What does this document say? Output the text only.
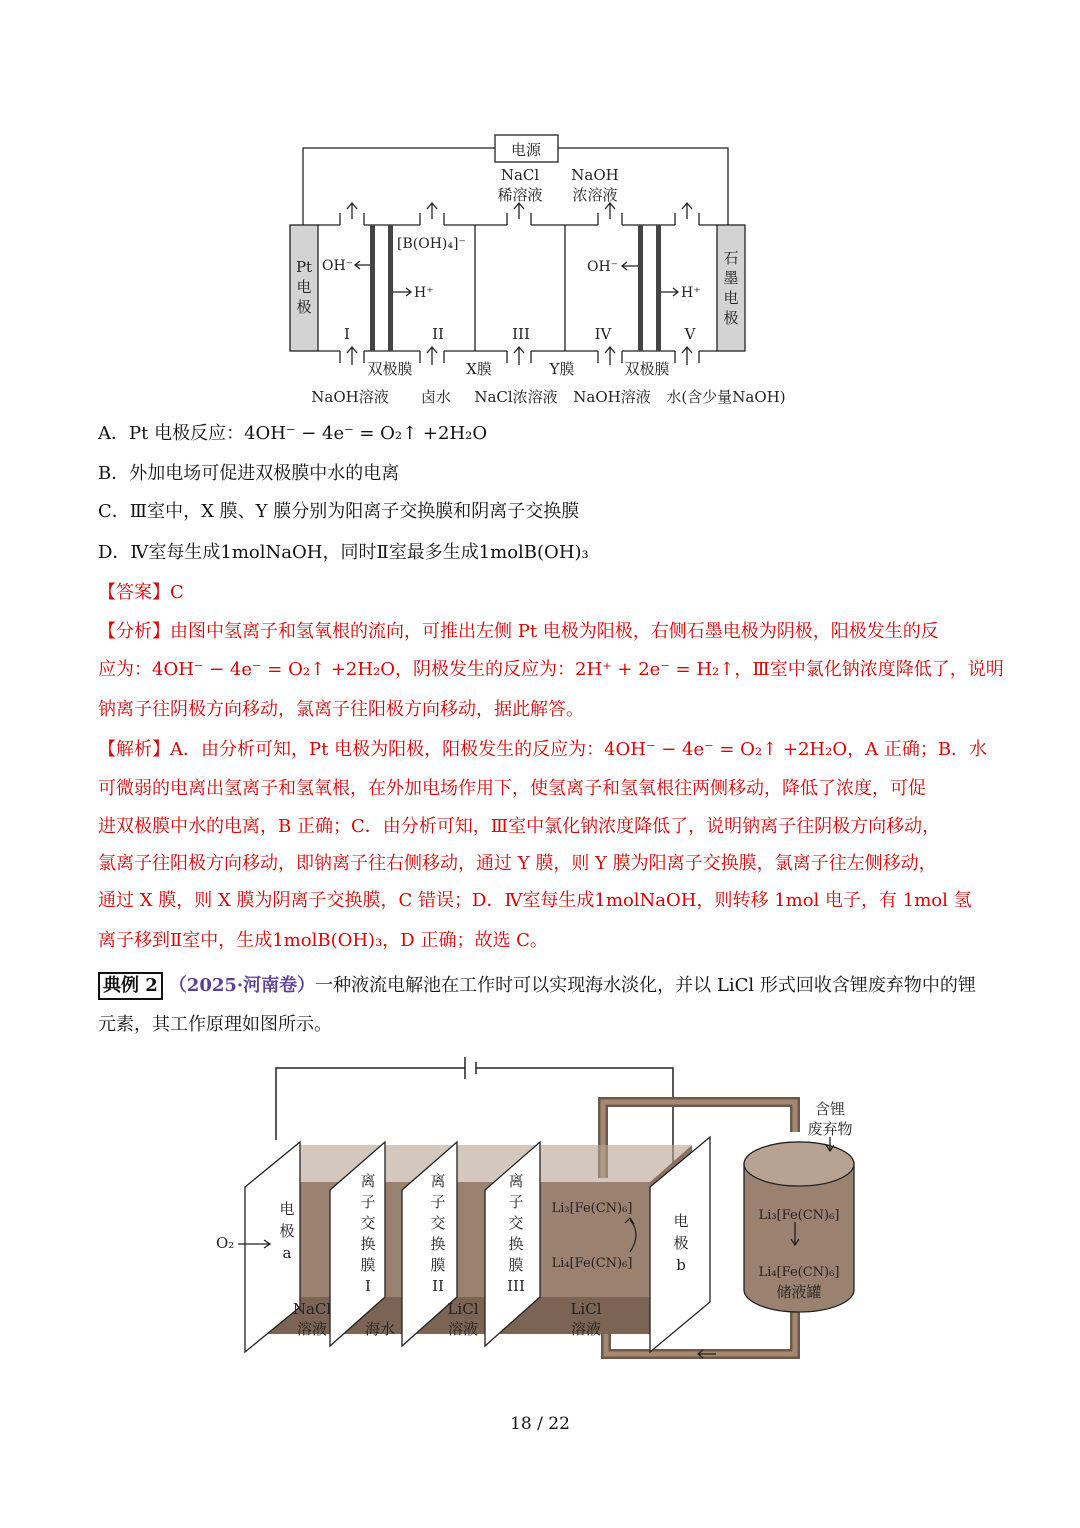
电源
NaCl
稀溶液
NaOH
浓溶液
Pt
电
极
石
墨
电
极
OH⁻
H⁺
[B(OH)₄]⁻
OH⁻
H⁺
I	II	III	IV	V
双极膜	X膜	Y膜	双极膜
NaOH溶液 卤水 NaCl浓溶液 NaOH溶液 水(含少量NaOH)
A．Pt 电极反应：4OH⁻ − 4e⁻ = O₂↑ +2H₂O
B．外加电场可促进双极膜中水的电离
C．Ⅲ室中，X 膜、Y 膜分别为阳离子交换膜和阴离子交换膜
D．Ⅳ室每生成1molNaOH，同时Ⅱ室最多生成1molB(OH)₃
【答案】C
【分析】由图中氢离子和氢氧根的流向，可推出左侧 Pt 电极为阳极，右侧石墨电极为阴极，阳极发生的反
应为：4OH⁻ − 4e⁻ = O₂↑ +2H₂O，阴极发生的反应为：2H⁺ + 2e⁻ = H₂↑，Ⅲ室中氯化钠浓度降低了，说明
钠离子往阴极方向移动，氯离子往阳极方向移动，据此解答。
【解析】A．由分析可知，Pt 电极为阳极，阳极发生的反应为：4OH⁻ − 4e⁻ = O₂↑ +2H₂O，A 正确；B．水
可微弱的电离出氢离子和氢氧根，在外加电场作用下，使氢离子和氢氧根往两侧移动，降低了浓度，可促
进双极膜中水的电离，B 正确；C．由分析可知，Ⅲ室中氯化钠浓度降低了，说明钠离子往阴极方向移动，
氯离子往阳极方向移动，即钠离子往右侧移动，通过 Y 膜，则 Y 膜为阳离子交换膜，氯离子往左侧移动，
通过 X 膜，则 X 膜为阴离子交换膜，C 错误；D．Ⅳ室每生成1molNaOH，则转移 1mol 电子，有 1mol 氢
离子移到Ⅱ室中，生成1molB(OH)₃，D 正确；故选 C。
典例 2 （2025·河南卷）一种液流电解池在工作时可以实现海水淡化，并以 LiCl 形式回收含锂废弃物中的锂
元素，其工作原理如图所示。
O₂
电
极
a
离
子
交
换
膜
I
离
子
交
换
膜
II
离
子
交
换
膜
III
电
极
b
Li₃[Fe(CN)₆]
Li₄[Fe(CN)₆]
含锂
废弃物
Li₃[Fe(CN)₆]
Li₄[Fe(CN)₆]
储液罐
NaCl
溶液	海水
LiCl
溶液
LiCl
溶液
18 / 22
